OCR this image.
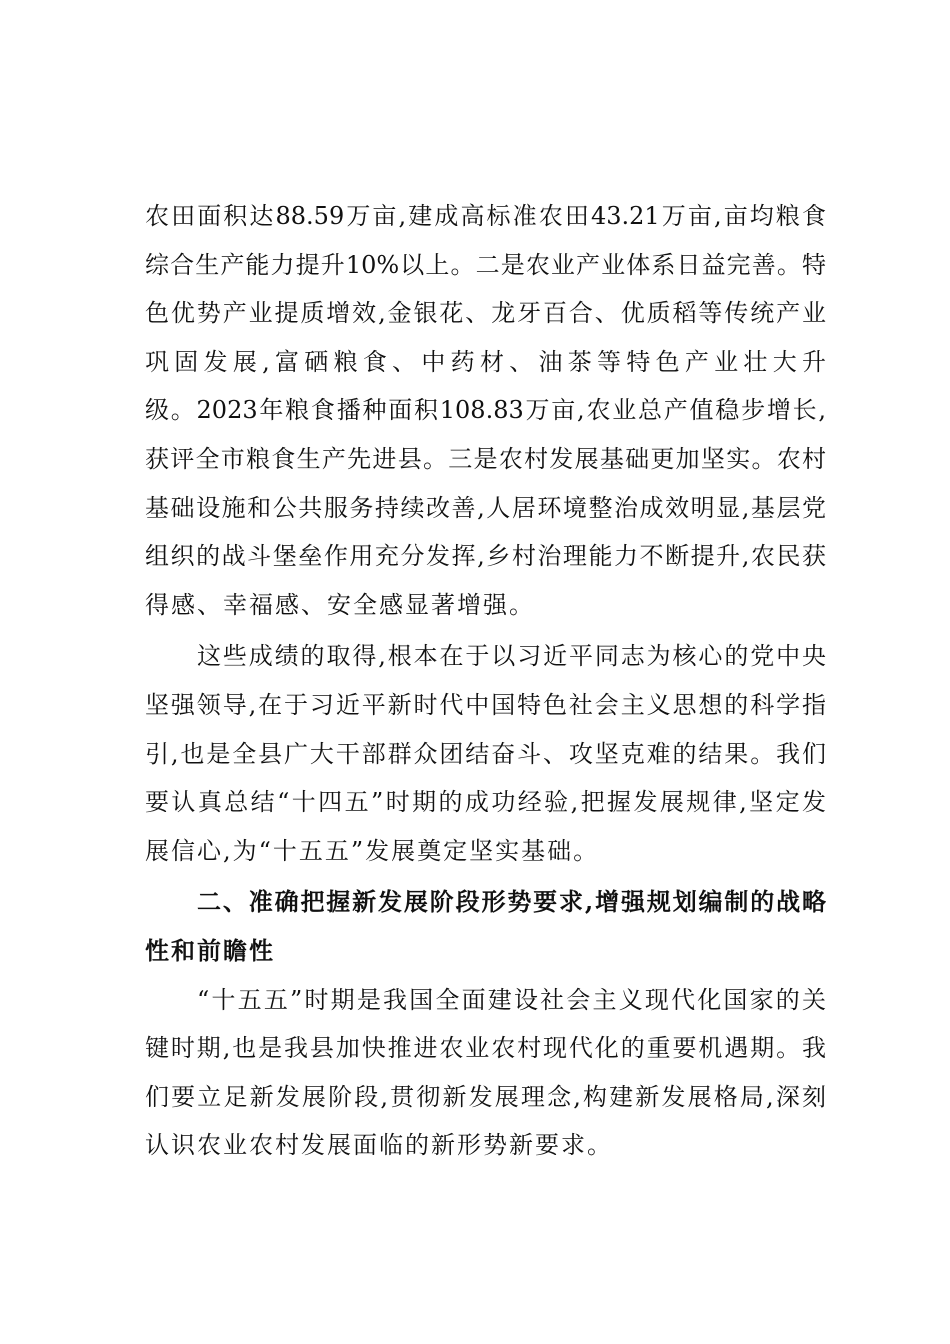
农田面积达88.59万亩,建成高标准农田43.21万亩,亩均粮食
综合生产能力提升10%以上。二是农业产业体系日益完善。特
色优势产业提质增效,金银花、龙牙百合、优质稻等传统产业
巩固发展,富硒粮食、中药材、油茶等特色产业壮大升
级。2023年粮食播种面积108.83万亩,农业总产值稳步增长,
获评全市粮食生产先进县。三是农村发展基础更加坚实。农村
基础设施和公共服务持续改善,人居环境整治成效明显,基层党
组织的战斗堡垒作用充分发挥,乡村治理能力不断提升,农民获
得感、幸福感、安全感显著增强。
这些成绩的取得,根本在于以习近平同志为核心的党中央
坚强领导,在于习近平新时代中国特色社会主义思想的科学指
引,也是全县广大干部群众团结奋斗、攻坚克难的结果。我们
要认真总结“十四五”时期的成功经验,把握发展规律,坚定发
展信心,为“十五五”发展奠定坚实基础。
二、准确把握新发展阶段形势要求,增强规划编制的战略
性和前瞻性
“十五五”时期是我国全面建设社会主义现代化国家的关
键时期,也是我县加快推进农业农村现代化的重要机遇期。我
们要立足新发展阶段,贯彻新发展理念,构建新发展格局,深刻
认识农业农村发展面临的新形势新要求。
